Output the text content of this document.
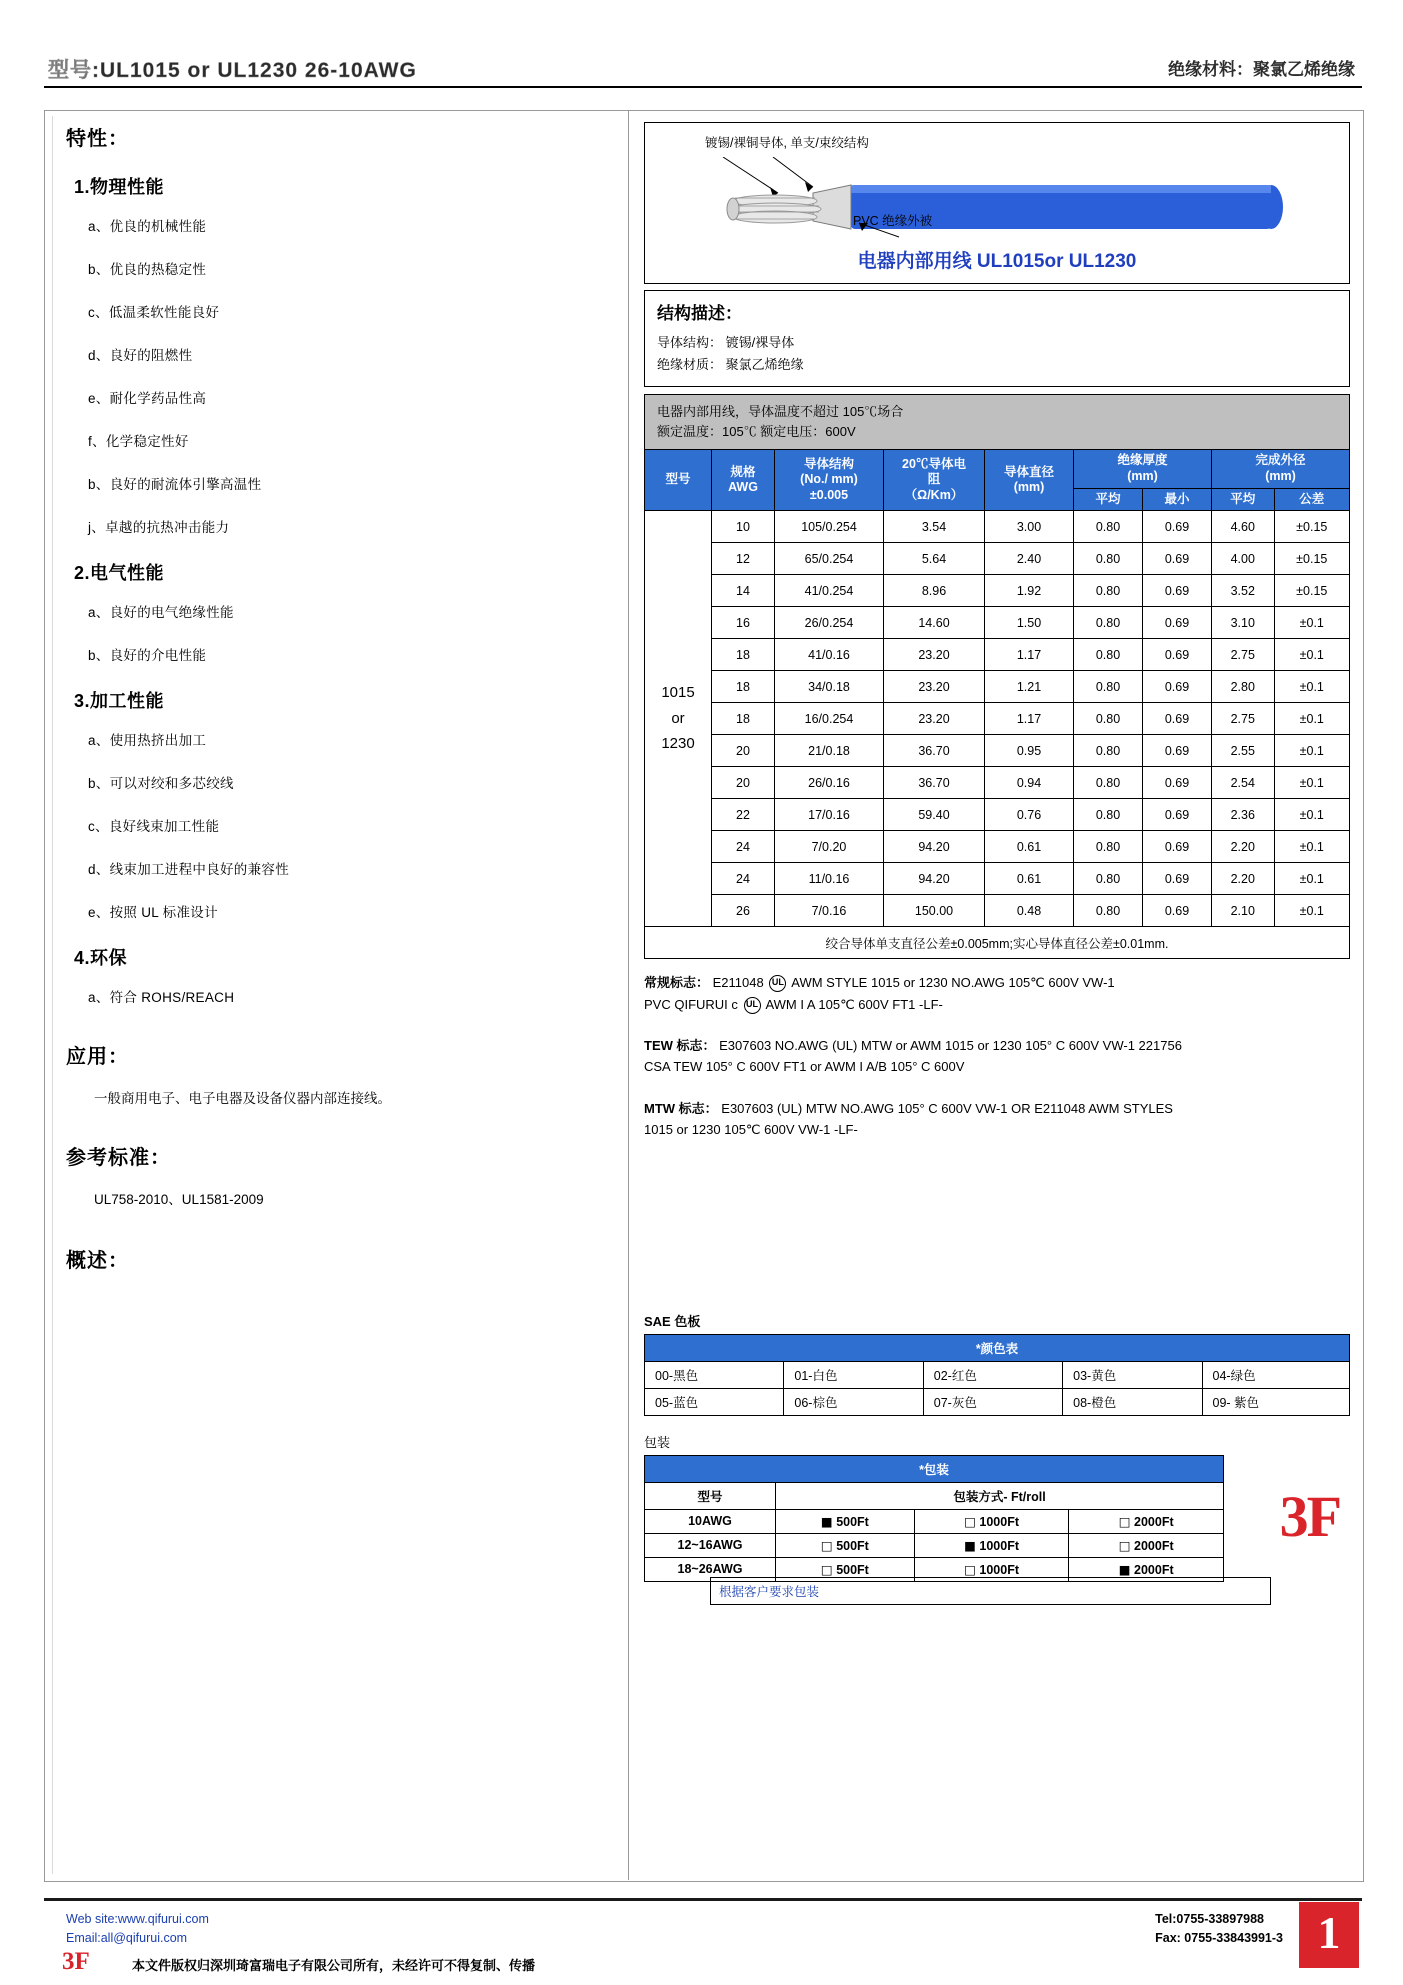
型号:UL1015 or UL1230 26-10AWG	绝缘材料：聚氯乙烯绝缘
特性：
1.物理性能
a、优良的机械性能
b、优良的热稳定性
c、低温柔软性能良好
d、良好的阻燃性
e、耐化学药品性高
f、化学稳定性好
b、良好的耐流体引擎高温性
j、卓越的抗热冲击能力
2.电气性能
a、良好的电气绝缘性能
b、良好的介电性能
3.加工性能
a、使用热挤出加工
b、可以对绞和多芯绞线
c、良好线束加工性能
d、线束加工进程中良好的兼容性
e、按照 UL 标准设计
4.环保
a、符合 ROHS/REACH
应用：
一般商用电子、电子电器及设备仪器内部连接线。
参考标准：
UL758-2010、UL1581-2009
概述：
镀锡/裸铜导体, 单支/束绞结构
PVC 绝缘外被
电器内部用线 UL1015or UL1230
结构描述：
导体结构： 镀锡/裸导体
绝缘材质： 聚氯乙烯绝缘
电器内部用线，导体温度不超过 105℃场合
额定温度：105℃ 额定电压：600V
型号	规格
AWG	导体结构
(No./ mm)
±0.005	20℃导体电
阻
（Ω/Km）	导体直径
(mm)	绝缘厚度
(mm)		完成外径
(mm)	
					平均	最小	平均	公差
1015
or
1230	10	105/0.254	3.54	3.00	0.80	0.69	4.60	±0.15
	12	65/0.254	5.64	2.40	0.80	0.69	4.00	±0.15
	14	41/0.254	8.96	1.92	0.80	0.69	3.52	±0.15
	16	26/0.254	14.60	1.50	0.80	0.69	3.10	±0.1
	18	41/0.16	23.20	1.17	0.80	0.69	2.75	±0.1
	18	34/0.18	23.20	1.21	0.80	0.69	2.80	±0.1
	18	16/0.254	23.20	1.17	0.80	0.69	2.75	±0.1
	20	21/0.18	36.70	0.95	0.80	0.69	2.55	±0.1
	20	26/0.16	36.70	0.94	0.80	0.69	2.54	±0.1
	22	17/0.16	59.40	0.76	0.80	0.69	2.36	±0.1
	24	7/0.20	94.20	0.61	0.80	0.69	2.20	±0.1
	24	11/0.16	94.20	0.61	0.80	0.69	2.20	±0.1
	26	7/0.16	150.00	0.48	0.80	0.69	2.10	±0.1
绞合导体单支直径公差±0.005mm;实心导体直径公差±0.01mm.								
常规标志： E211048 UL AWM STYLE 1015 or 1230 NO.AWG 105℃ 600V VW-1
PVC QIFURUI c UL AWM I A 105℃ 600V FT1 -LF-
TEW 标志： E307603 NO.AWG (UL) MTW or AWM 1015 or 1230 105° C 600V VW-1 221756
CSA TEW 105° C 600V FT1 or AWM I A/B 105° C 600V
MTW 标志： E307603 (UL) MTW NO.AWG 105° C 600V VW-1 OR E211048 AWM STYLES
1015 or 1230 105℃ 600V VW-1 -LF-
SAE 色板
*颜色表				
00-黑色	01-白色	02-红色	03-黄色	04-绿色
05-蓝色	06-棕色	07-灰色	08-橙色	09- 紫色
包装
*包装			
型号	包装方式- Ft/roll		
10AWG	■ 500Ft	□ 1000Ft	□ 2000Ft
12~16AWG	□ 500Ft	■ 1000Ft	□ 2000Ft
18~26AWG	□ 500Ft	□ 1000Ft	■ 2000Ft

根据客户要求包装
3F
Web site:www.qifurui.com
Email:all@qifurui.com
Tel:0755-33897988
Fax: 0755-33843991-3
3F	本文件版权归深圳琦富瑞电子有限公司所有，未经许可不得复制、传播
1
